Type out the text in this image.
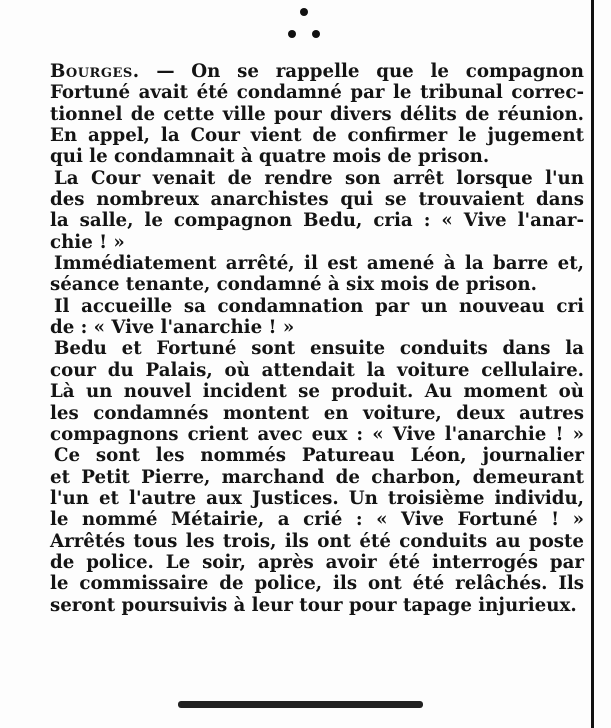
Bourges. — On se rappelle que le compagnon
Fortuné avait été condamné par le tribunal correc-
tionnel de cette ville pour divers délits de réunion.
En appel, la Cour vient de confirmer le jugement
qui le condamnait à quatre mois de prison.
La Cour venait de rendre son arrêt lorsque l'un
des nombreux anarchistes qui se trouvaient dans
la salle, le compagnon Bedu, cria : « Vive l'anar-
chie ! »
Immédiatement arrêté, il est amené à la barre et,
séance tenante, condamné à six mois de prison.
Il accueille sa condamnation par un nouveau cri
de : « Vive l'anarchie ! »
Bedu et Fortuné sont ensuite conduits dans la
cour du Palais, où attendait la voiture cellulaire.
Là un nouvel incident se produit. Au moment où
les condamnés montent en voiture, deux autres
compagnons crient avec eux : « Vive l'anarchie ! »
Ce sont les nommés Patureau Léon, journalier
et Petit Pierre, marchand de charbon, demeurant
l'un et l'autre aux Justices. Un troisième individu,
le nommé Métairie, a crié : « Vive Fortuné ! »
Arrêtés tous les trois, ils ont été conduits au poste
de police. Le soir, après avoir été interrogés par
le commissaire de police, ils ont été relâchés. Ils
seront poursuivis à leur tour pour tapage injurieux.
